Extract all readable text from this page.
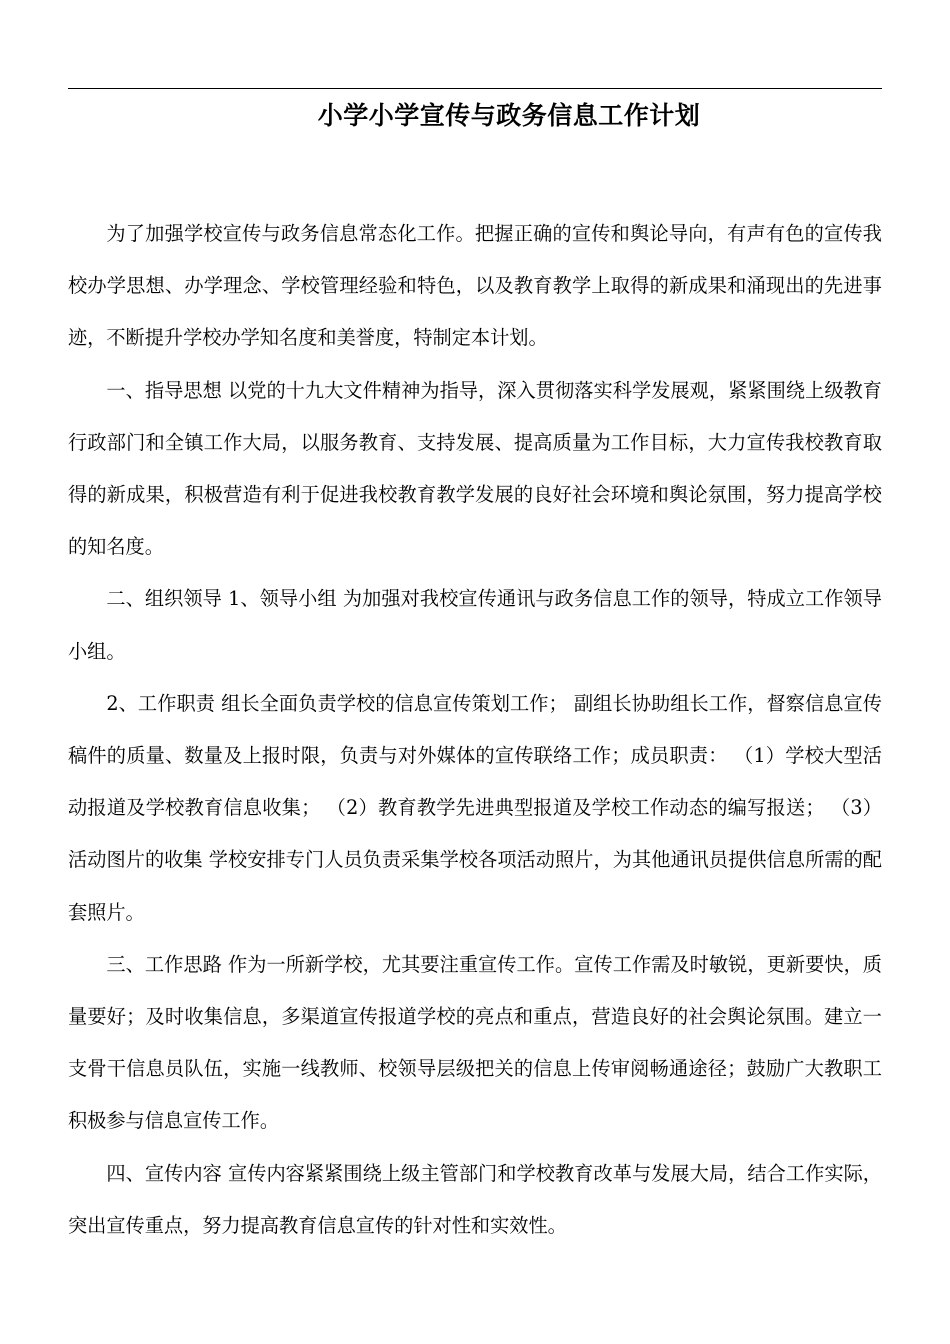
小学小学宣传与政务信息工作计划

为了加强学校宣传与政务信息常态化工作。把握正确的宣传和舆论导向，有声有色的宣传我校办学思想、办学理念、学校管理经验和特色，以及教育教学上取得的新成果和涌现出的先进事迹，不断提升学校办学知名度和美誉度，特制定本计划。

一、指导思想 以党的十九大文件精神为指导，深入贯彻落实科学发展观，紧紧围绕上级教育行政部门和全镇工作大局，以服务教育、支持发展、提高质量为工作目标，大力宣传我校教育取得的新成果，积极营造有利于促进我校教育教学发展的良好社会环境和舆论氛围，努力提高学校的知名度。

二、组织领导 1、领导小组 为加强对我校宣传通讯与政务信息工作的领导，特成立工作领导小组。

2、工作职责 组长全面负责学校的信息宣传策划工作； 副组长协助组长工作，督察信息宣传稿件的质量、数量及上报时限，负责与对外媒体的宣传联络工作；成员职责： （1）学校大型活动报道及学校教育信息收集； （2）教育教学先进典型报道及学校工作动态的编写报送； （3）活动图片的收集 学校安排专门人员负责采集学校各项活动照片，为其他通讯员提供信息所需的配套照片。

三、工作思路 作为一所新学校，尤其要注重宣传工作。宣传工作需及时敏锐，更新要快，质量要好；及时收集信息，多渠道宣传报道学校的亮点和重点，营造良好的社会舆论氛围。建立一支骨干信息员队伍，实施一线教师、校领导层级把关的信息上传审阅畅通途径；鼓励广大教职工积极参与信息宣传工作。

四、宣传内容 宣传内容紧紧围绕上级主管部门和学校教育改革与发展大局，结合工作实际，突出宣传重点，努力提高教育信息宣传的针对性和实效性。
